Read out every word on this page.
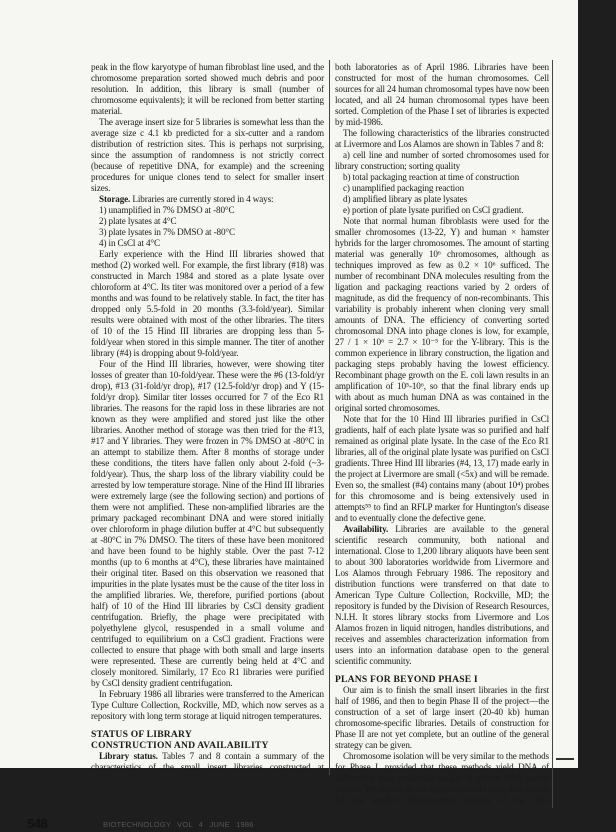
peak in the flow karyotype of human fibroblast line used, and the chromosome preparation sorted showed much debris and poor resolution. In addition, this library is small (number of chromosome equivalents); it will be recloned from better starting material.

The average insert size for 5 libraries is somewhat less than the average size c 4.1 kb predicted for a six-cutter and a random distribution of restriction sites. This is perhaps not surprising, since the assumption of randomness is not strictly correct (because of repetitive DNA, for example) and the screening procedures for unique clones tend to select for smaller insert sizes.

Storage. Libraries are currently stored in 4 ways:

1) unamplified in 7% DMSO at -80°C
2) plate lysates at 4°C
3) plate lysates in 7% DMSO at -80°C
4) in CsCl at 4°C

Early experience with the Hind III libraries showed that method (2) worked well. For example, the first library (#18) was constructed in March 1984 and stored as a plate lysate over chloroform at 4°C. Its titer was monitored over a period of a few months and was found to be relatively stable. In fact, the titer has dropped only 5.5-fold in 20 months (3.3-fold/year). Similar results were obtained with most of the other libraries. The titers of 10 of the 15 Hind III libraries are dropping less than 5-fold/year when stored in this simple manner. The titer of another library (#4) is dropping about 9-fold/year.

Four of the Hind III libraries, however, were showing titer losses of greater than 10-fold/year. These were the #6 (13-fold/yr drop), #13 (31-fold/yr drop), #17 (12.5-fold/yr drop) and Y (15-fold/yr drop). Similar titer losses occurred for 7 of the Eco R1 libraries. The reasons for the rapid loss in these libraries are not known as they were amplified and stored just like the other libraries. Another method of storage was then tried for the #13, #17 and Y libraries. They were frozen in 7% DMSO at -80°C in an attempt to stabilize them. After 8 months of storage under these conditions, the titers have fallen only about 2-fold (~3-fold/year). Thus, the sharp loss of the library viability could be arrested by low temperature storage. Nine of the Hind III libraries were extremely large (see the following section) and portions of them were not amplified. These non-amplified libraries are the primary packaged recombinant DNA and were stored initially over chloroform in phage dilution buffer at 4°C but subsequently at -80°C in 7% DMSO. The titers of these have been monitored and have been found to be highly stable. Over the past 7-12 months (up to 6 months at 4°C), these libraries have maintained their original titer. Based on this observation we reasoned that impurities in the plate lysates must be the cause of the titer loss in the amplified libraries. We, therefore, purified portions (about half) of 10 of the Hind III libraries by CsCl density gradient centrifugation. Briefly, the phage were precipitated with polyethylene glycol, resuspended in a small volume and centrifuged to equilibrium on a CsCl gradient. Fractions were collected to ensure that phage with both small and large inserts were represented. These are currently being held at 4°C and closely monitored. Similarly, 17 Eco R1 libraries were purified by CsCl density gradient centrifugation.

In February 1986 all libraries were transferred to the American Type Culture Collection, Rockville, MD, which now serves as a repository with long term storage at liquid nitrogen temperatures.

STATUS OF LIBRARY
CONSTRUCTION AND AVAILABILITY

Library status. Tables 7 and 8 contain a summary of the characteristics of the small insert libraries constructed at

both laboratories as of April 1986. Libraries have been constructed for most of the human chromosomes. Cell sources for all 24 human chromosomal types have now been located, and all 24 human chromosomal types have been sorted. Completion of the Phase I set of libraries is expected by mid-1986.

The following characteristics of the libraries constructed at Livermore and Los Alamos are shown in Tables 7 and 8:

a) cell line and number of sorted chromosomes used for library construction; sorting quality
b) total packaging reaction at time of construction
c) unamplified packaging reaction
d) amplified library as plate lysates
e) portion of plate lysate purified on CsCl gradient.

Note that normal human fibroblasts were used for the smaller chromosomes (13-22, Y) and human × hamster hybrids for the larger chromosomes. The amount of starting material was generally 10⁶ chromosomes, although as techniques improved as few as 0.2 × 10⁶ sufficed. The number of recombinant DNA molecules resulting from the ligation and packaging reactions varied by 2 orders of magnitude, as did the frequency of non-recombinants. This variability is probably inherent when cloning very small amounts of DNA. The efficiency of converting sorted chromosomal DNA into phage clones is low, for example, 27 / 1 × 10⁶ = 2.7 × 10⁻⁵ for the Y-library. This is the common experience in library construction, the ligation and packaging steps probably having the lowest efficiency. Recombinant phage growth on the E. coli lawn results in an amplification of 10⁵-10⁶, so that the final library ends up with about as much human DNA as was contained in the original sorted chromosomes.

Note that for the 10 Hind III libraries purified in CsCl gradients, half of each plate lysate was so purified and half remained as original plate lysate. In the case of the Eco R1 libraries, all of the original plate lysate was purified on CsCl gradients. Three Hind III libraries (#4, 13, 17) made early in the project at Livermore are small (<5x) and will be remade. Even so, the smallest (#4) contains many (about 10⁴) probes for this chromosome and is being extensively used in attempts⁵⁵ to find an RFLP marker for Huntington's disease and to eventually clone the defective gene.

Availability. Libraries are available to the general scientific research community, both national and international. Close to 1,200 library aliquots have been sent to about 300 laboratories worldwide from Livermore and Los Alamos through February 1986. The repository and distribution functions were transferred on that date to American Type Culture Collection, Rockville, MD; the repository is funded by the Division of Research Resources, N.I.H. It stores library stocks from Livermore and Los Alamos frozen in liquid nitrogen, handles distributions, and receives and assembles characterization information from users into an information database open to the general scientific community.

PLANS FOR BEYOND PHASE I

Our aim is to finish the small insert libraries in the first half of 1986, and then to begin Phase II of the project—the construction of a set of large insert (20-40 kb) human chromosome-specific libraries. Details of construction for Phase II are not yet complete, but an outline of the general strategy can be given.

Chromosome isolation will be very similar to the methods for Phase I, provided that these methods yield DNA of sufficiently high molecular weight to permit DNA partial digests. We expect to use lymphoblastoid cells as a source for the smaller chromosomes because of the rela-

548	BIOTECHNOLOGY VOL 4 JUNE 1986
